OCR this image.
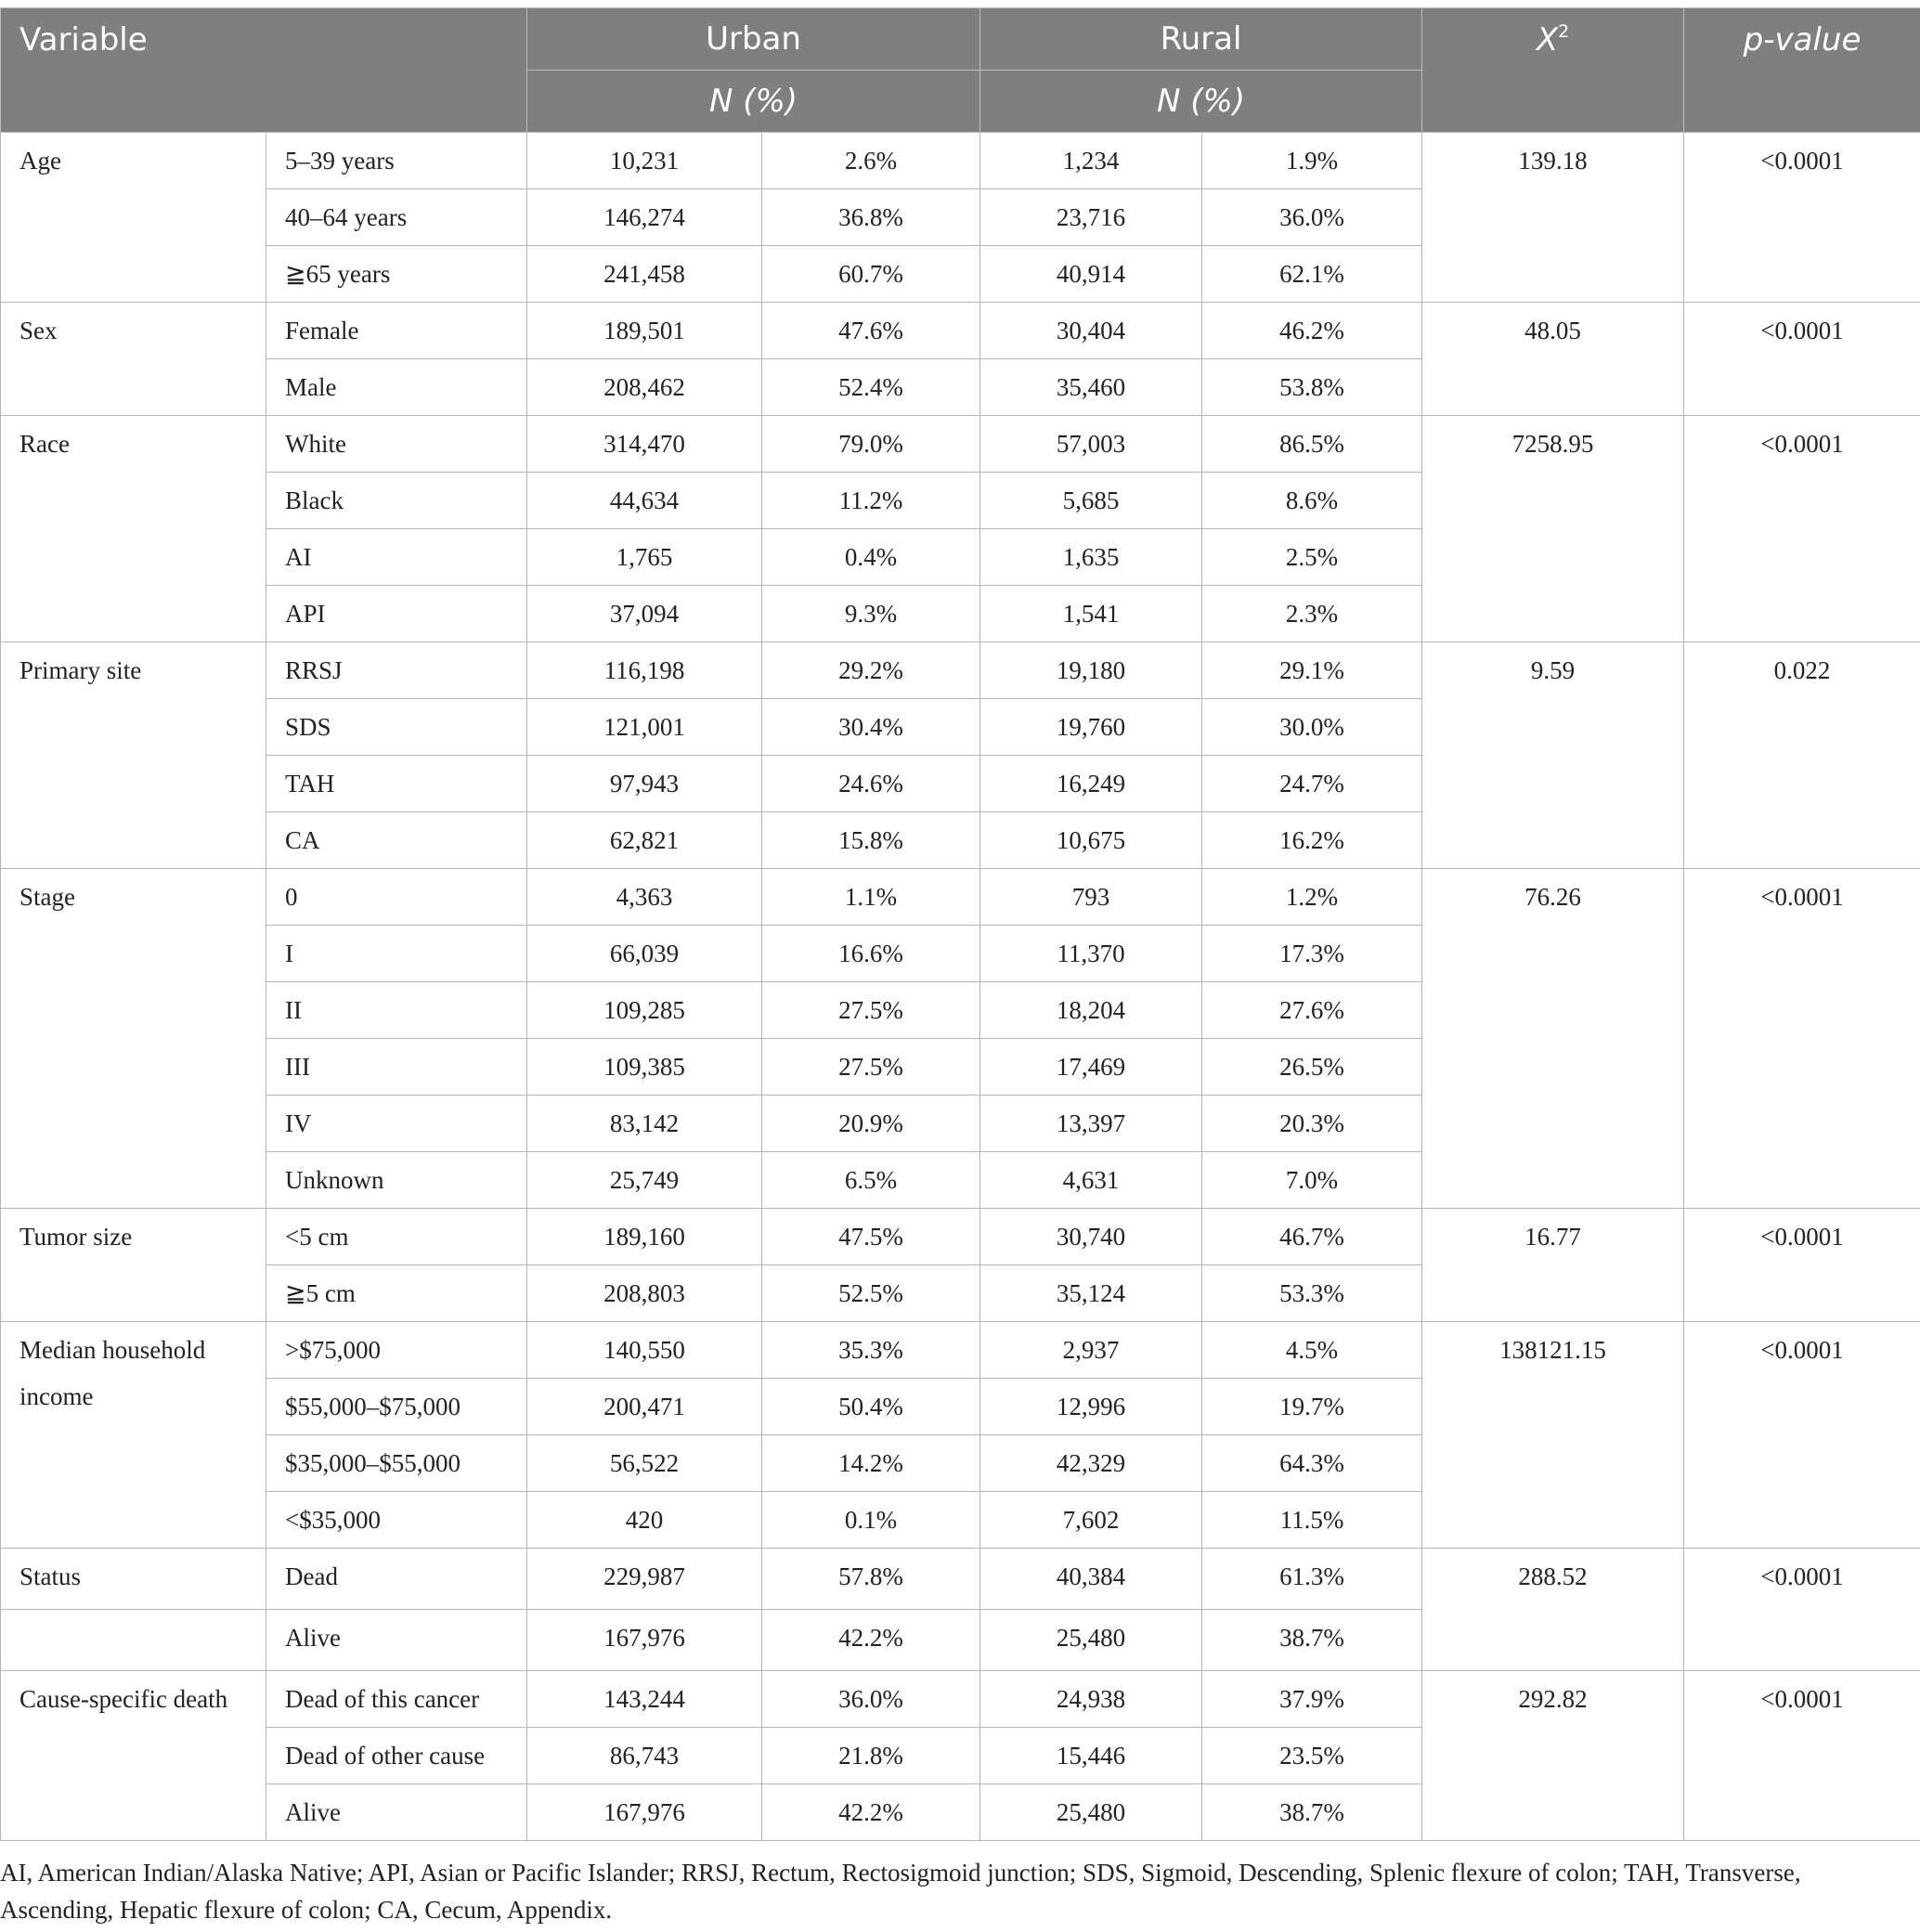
Variable		Urban		Rural		$X^2$	p-value
		N (%)		N (%)			
Age	5–39 years	10,231	2.6%	1,234	1.9%	139.18	<0.0001
	40–64 years	146,274	36.8%	23,716	36.0%		
	≧65 years	241,458	60.7%	40,914	62.1%		
Sex	Female	189,501	47.6%	30,404	46.2%	48.05	<0.0001
	Male	208,462	52.4%	35,460	53.8%		
Race	White	314,470	79.0%	57,003	86.5%	7258.95	<0.0001
	Black	44,634	11.2%	5,685	8.6%		
	AI	1,765	0.4%	1,635	2.5%		
	API	37,094	9.3%	1,541	2.3%		
Primary site	RRSJ	116,198	29.2%	19,180	29.1%	9.59	0.022
	SDS	121,001	30.4%	19,760	30.0%		
	TAH	97,943	24.6%	16,249	24.7%		
	CA	62,821	15.8%	10,675	16.2%		
Stage	0	4,363	1.1%	793	1.2%	76.26	<0.0001
	I	66,039	16.6%	11,370	17.3%		
	II	109,285	27.5%	18,204	27.6%		
	III	109,385	27.5%	17,469	26.5%		
	IV	83,142	20.9%	13,397	20.3%		
	Unknown	25,749	6.5%	4,631	7.0%		
Tumor size	<5 cm	189,160	47.5%	30,740	46.7%	16.77	<0.0001
	≧5 cm	208,803	52.5%	35,124	53.3%		
Median household income	>$75,000	140,550	35.3%	2,937	4.5%	138121.15	<0.0001
	$55,000–$75,000	200,471	50.4%	12,996	19.7%		
	$35,000–$55,000	56,522	14.2%	42,329	64.3%		
	<$35,000	420	0.1%	7,602	11.5%		
Status	Dead	229,987	57.8%	40,384	61.3%	288.52	<0.0001
	Alive	167,976	42.2%	25,480	38.7%		
Cause-specific death	Dead of this cancer	143,244	36.0%	24,938	37.9%	292.82	<0.0001
	Dead of other cause	86,743	21.8%	15,446	23.5%		
	Alive	167,976	42.2%	25,480	38.7%		

AI, American Indian/Alaska Native; API, Asian or Pacific Islander; RRSJ, Rectum, Rectosigmoid junction; SDS, Sigmoid, Descending, Splenic flexure of colon; TAH, Transverse, Ascending, Hepatic flexure of colon; CA, Cecum, Appendix.
